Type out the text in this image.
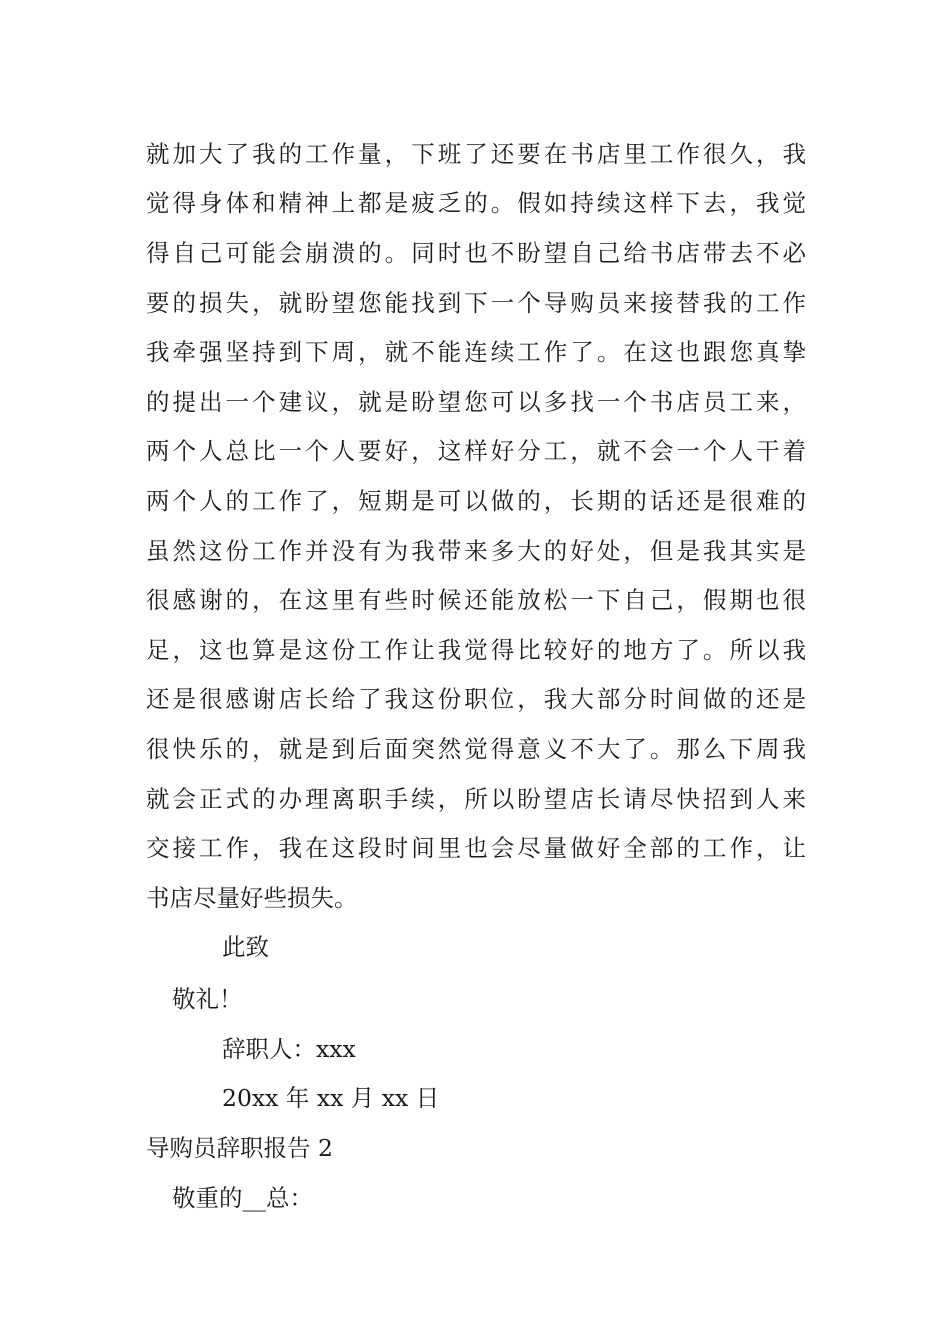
就加大了我的工作量，下班了还要在书店里工作很久，我
觉得身体和精神上都是疲乏的。假如持续这样下去，我觉
得自己可能会崩溃的。同时也不盼望自己给书店带去不必
要的损失，就盼望您能找到下一个导购员来接替我的工作
我牵强坚持到下周，就不能连续工作了。在这也跟您真挚
的提出一个建议，就是盼望您可以多找一个书店员工来，
两个人总比一个人要好，这样好分工，就不会一个人干着
两个人的工作了，短期是可以做的，长期的话还是很难的
虽然这份工作并没有为我带来多大的好处，但是我其实是
很感谢的，在这里有些时候还能放松一下自己，假期也很
足，这也算是这份工作让我觉得比较好的地方了。所以我
还是很感谢店长给了我这份职位，我大部分时间做的还是
很快乐的，就是到后面突然觉得意义不大了。那么下周我
就会正式的办理离职手续，所以盼望店长请尽快招到人来
交接工作，我在这段时间里也会尽量做好全部的工作，让
书店尽量好些损失。
此致
敬礼！
辞职人：xxx
20xx 年 xx 月 xx 日
导购员辞职报告 2
敬重的__总：
